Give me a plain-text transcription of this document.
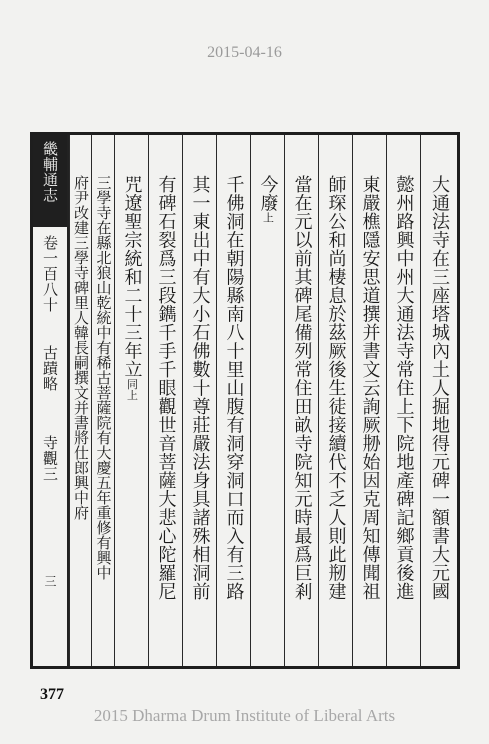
2015-04-16
畿輔通志
卷一百八十
古蹟略
寺觀三
三	大通法寺在三座塔城內土人掘地得元碑一額書大元國
懿州路興中州大通法寺常住上下院地產碑記鄉貢後進
東嚴樵隱安思道撰并書文云詢厥刱始因克周知傳聞祖
師琛公和尚棲息於茲厥後生徒接續代不乏人則此剏建
當在元以前其碑尾備列常住田畝寺院知元時最爲巨剎
今廢上
千佛洞在朝陽縣南八十里山腹有洞穿洞口而入有三路
其一東出中有大小石佛數十尊莊嚴法身具諸殊相洞前
有碑石裂爲三段鐫千手千眼觀世音菩薩大悲心陀羅尼
咒遼聖宗統和二十三年立同上
三學寺在縣北狼山乾統中有稀古菩薩院有大慶五年重修有興中
府尹改建三學寺碑里人韓長嗣撰文并書將仕郎興中府
377
2015 Dharma Drum Institute of Liberal Arts
